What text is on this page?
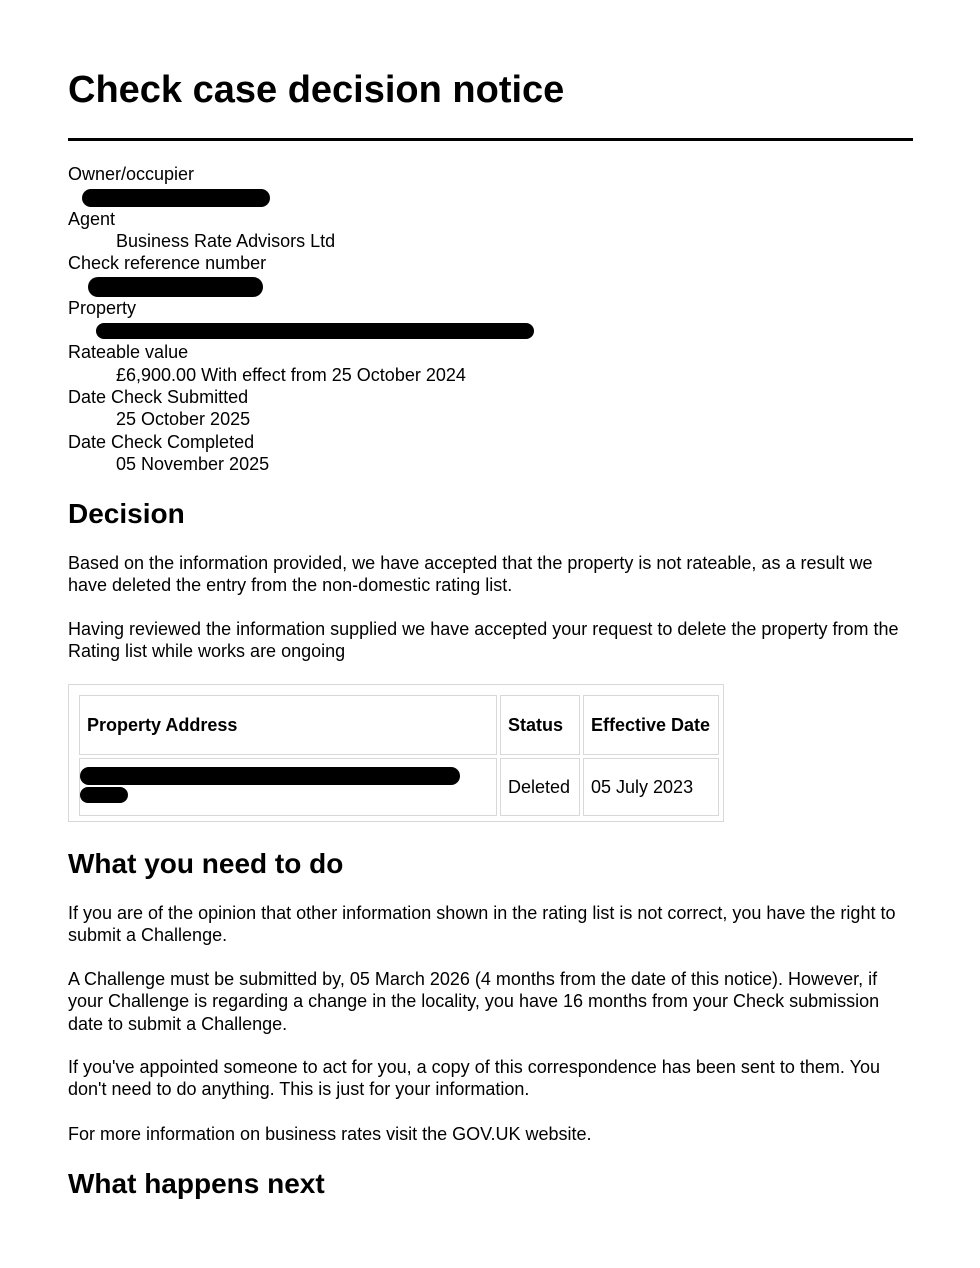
Check case decision notice
Owner/occupier
Agent
Business Rate Advisors Ltd
Check reference number
Property
Rateable value
£6,900.00 With effect from 25 October 2024
Date Check Submitted
25 October 2025
Date Check Completed
05 November 2025
Decision

Based on the information provided, we have accepted that the property is not rateable, as a result we have deleted the entry from the non-domestic rating list.

Having reviewed the information supplied we have accepted your request to delete the property from the Rating list while works are ongoing

Property Address	Status	Effective Date

	Deleted	05 July 2023
What you need to do

If you are of the opinion that other information shown in the rating list is not correct, you have the right to submit a Challenge.

A Challenge must be submitted by, 05 March 2026 (4 months from the date of this notice). However, if your Challenge is regarding a change in the locality, you have 16 months from your Check submission date to submit a Challenge.

If you've appointed someone to act for you, a copy of this correspondence has been sent to them. You don't need to do anything. This is just for your information.

For more information on business rates visit the GOV.UK website.

What happens next
